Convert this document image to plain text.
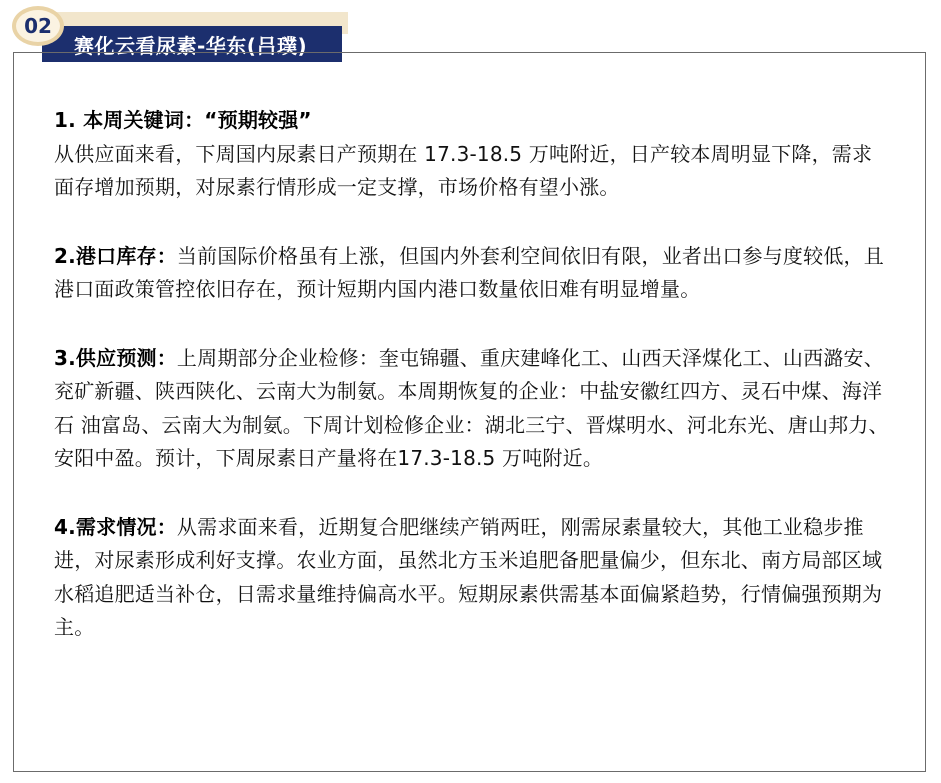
赛化云看尿素-华东(吕璞)
02
1. 本周关键词：“预期较强”
从供应面来看，下周国内尿素日产预期在 17.3-18.5 万吨附近，日产较本周明显下降，需求面存增加预期，对尿素行情形成一定支撑，市场价格有望小涨。
2.港口库存：当前国际价格虽有上涨，但国内外套利空间依旧有限，业者出口参与度较低，且港口面政策管控依旧存在，预计短期内国内港口数量依旧难有明显增量。
3.供应预测：上周期部分企业检修：奎屯锦疆、重庆建峰化工、山西天泽煤化工、山西潞安、兖矿新疆、陕西陕化、云南大为制氨。本周期恢复的企业：中盐安徽红四方、灵石中煤、海洋石 油富岛、云南大为制氨。下周计划检修企业：湖北三宁、晋煤明水、河北东光、唐山邦力、安阳中盈。预计，下周尿素日产量将在17.3-18.5 万吨附近。
4.需求情况：从需求面来看，近期复合肥继续产销两旺，刚需尿素量较大，其他工业稳步推进，对尿素形成利好支撑。农业方面，虽然北方玉米追肥备肥量偏少，但东北、南方局部区域水稻追肥适当补仓，日需求量维持偏高水平。短期尿素供需基本面偏紧趋势，行情偏强预期为主。
